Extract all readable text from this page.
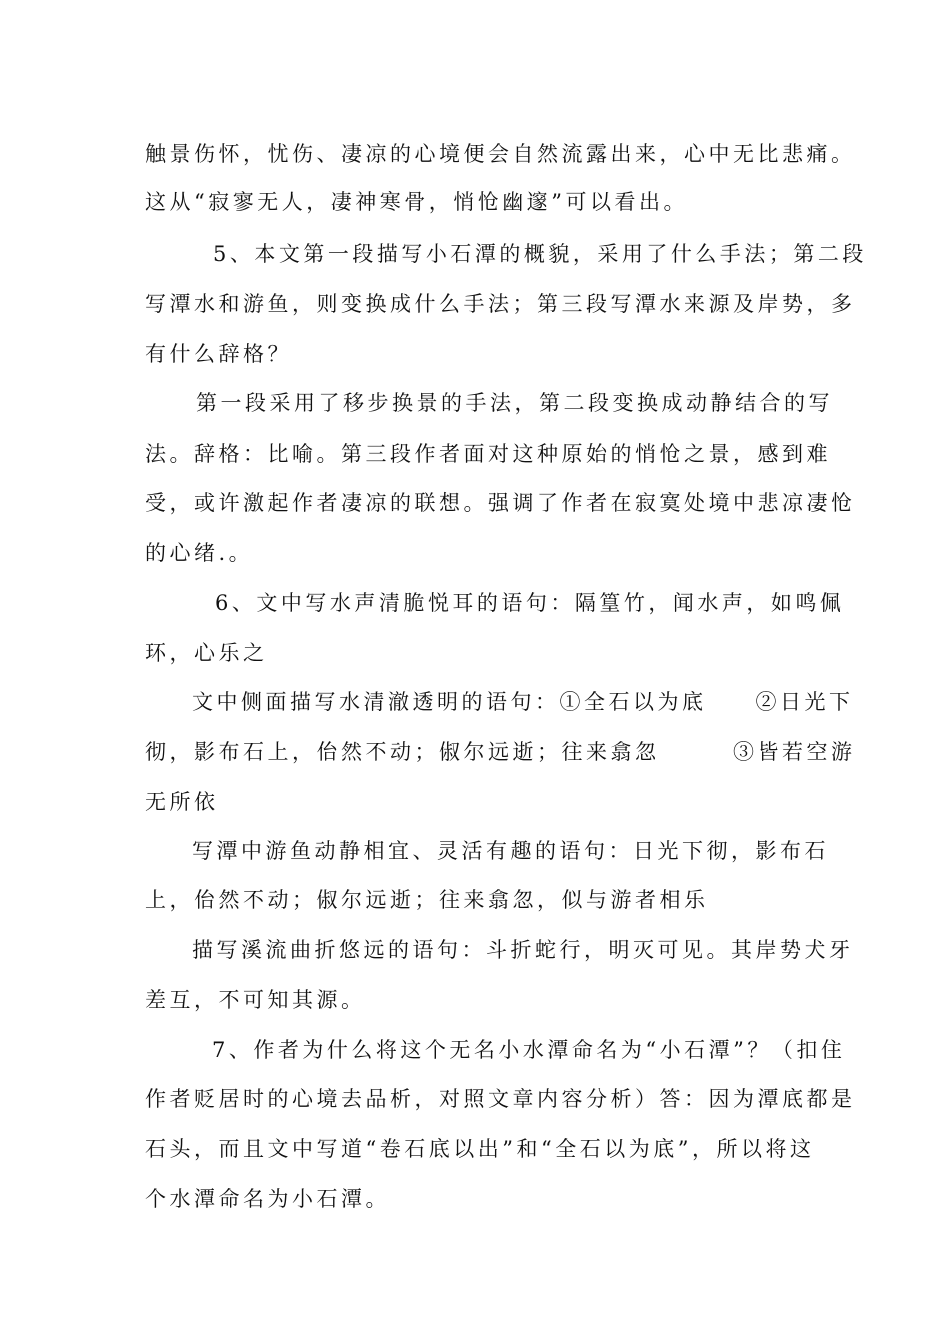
触景伤怀，忧伤、凄凉的心境便会自然流露出来，心中无比悲痛。
这从“寂寥无人，凄神寒骨，悄怆幽邃”可以看出。
5、本文第一段描写小石潭的概貌，采用了什么手法；第二段
写潭水和游鱼，则变换成什么手法；第三段写潭水来源及岸势，多
有什么辞格？
第一段采用了移步换景的手法，第二段变换成动静结合的写
法。辞格：比喻。第三段作者面对这种原始的悄怆之景，感到难
受，或许激起作者凄凉的联想。强调了作者在寂寞处境中悲凉凄怆
的心绪.。
6、文中写水声清脆悦耳的语句：隔篁竹，闻水声，如鸣佩
环，心乐之
文中侧面描写水清澈透明的语句：①全石以为底　　②日光下
彻，影布石上，佁然不动；俶尔远逝；往来翕忽　　　③皆若空游
无所依
写潭中游鱼动静相宜、灵活有趣的语句：日光下彻，影布石
上，佁然不动；俶尔远逝；往来翕忽，似与游者相乐
描写溪流曲折悠远的语句：斗折蛇行，明灭可见。其岸势犬牙
差互，不可知其源。
7、作者为什么将这个无名小水潭命名为“小石潭”？（扣住
作者贬居时的心境去品析，对照文章内容分析）答：因为潭底都是
石头，而且文中写道“卷石底以出”和“全石以为底”，所以将这
个水潭命名为小石潭。
